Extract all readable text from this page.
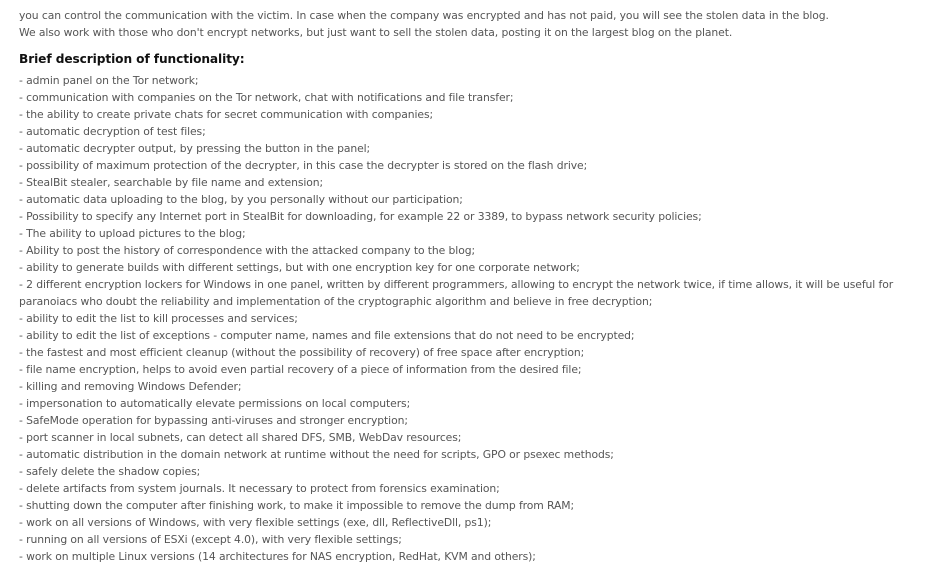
you can control the communication with the victim. In case when the company was encrypted and has not paid, you will see the stolen data in the blog.

We also work with those who don't encrypt networks, but just want to sell the stolen data, posting it on the largest blog on the planet.

Brief description of functionality:
- admin panel on the Tor network;
- communication with companies on the Tor network, chat with notifications and file transfer;
- the ability to create private chats for secret communication with companies;
- automatic decryption of test files;
- automatic decrypter output, by pressing the button in the panel;
- possibility of maximum protection of the decrypter, in this case the decrypter is stored on the flash drive;
- StealBit stealer, searchable by file name and extension;
- automatic data uploading to the blog, by you personally without our participation;
- Possibility to specify any Internet port in StealBit for downloading, for example 22 or 3389, to bypass network security policies;
- The ability to upload pictures to the blog;
- Ability to post the history of correspondence with the attacked company to the blog;
- ability to generate builds with different settings, but with one encryption key for one corporate network;
- 2 different encryption lockers for Windows in one panel, written by different programmers, allowing to encrypt the network twice, if time allows, it will be useful for paranoiacs who doubt the reliability and implementation of the cryptographic algorithm and believe in free decryption;
- ability to edit the list to kill processes and services;
- ability to edit the list of exceptions - computer name, names and file extensions that do not need to be encrypted;
- the fastest and most efficient cleanup (without the possibility of recovery) of free space after encryption;
- file name encryption, helps to avoid even partial recovery of a piece of information from the desired file;
- killing and removing Windows Defender;
- impersonation to automatically elevate permissions on local computers;
- SafeMode operation for bypassing anti-viruses and stronger encryption;
- port scanner in local subnets, can detect all shared DFS, SMB, WebDav resources;
- automatic distribution in the domain network at runtime without the need for scripts, GPO or psexec methods;
- safely delete the shadow copies;
- delete artifacts from system journals. It necessary to protect from forensics examination;
- shutting down the computer after finishing work, to make it impossible to remove the dump from RAM;
- work on all versions of Windows, with very flexible settings (exe, dll, ReflectiveDll, ps1);
- running on all versions of ESXi (except 4.0), with very flexible settings;
- work on multiple Linux versions (14 architectures for NAS encryption, RedHat, KVM and others);
